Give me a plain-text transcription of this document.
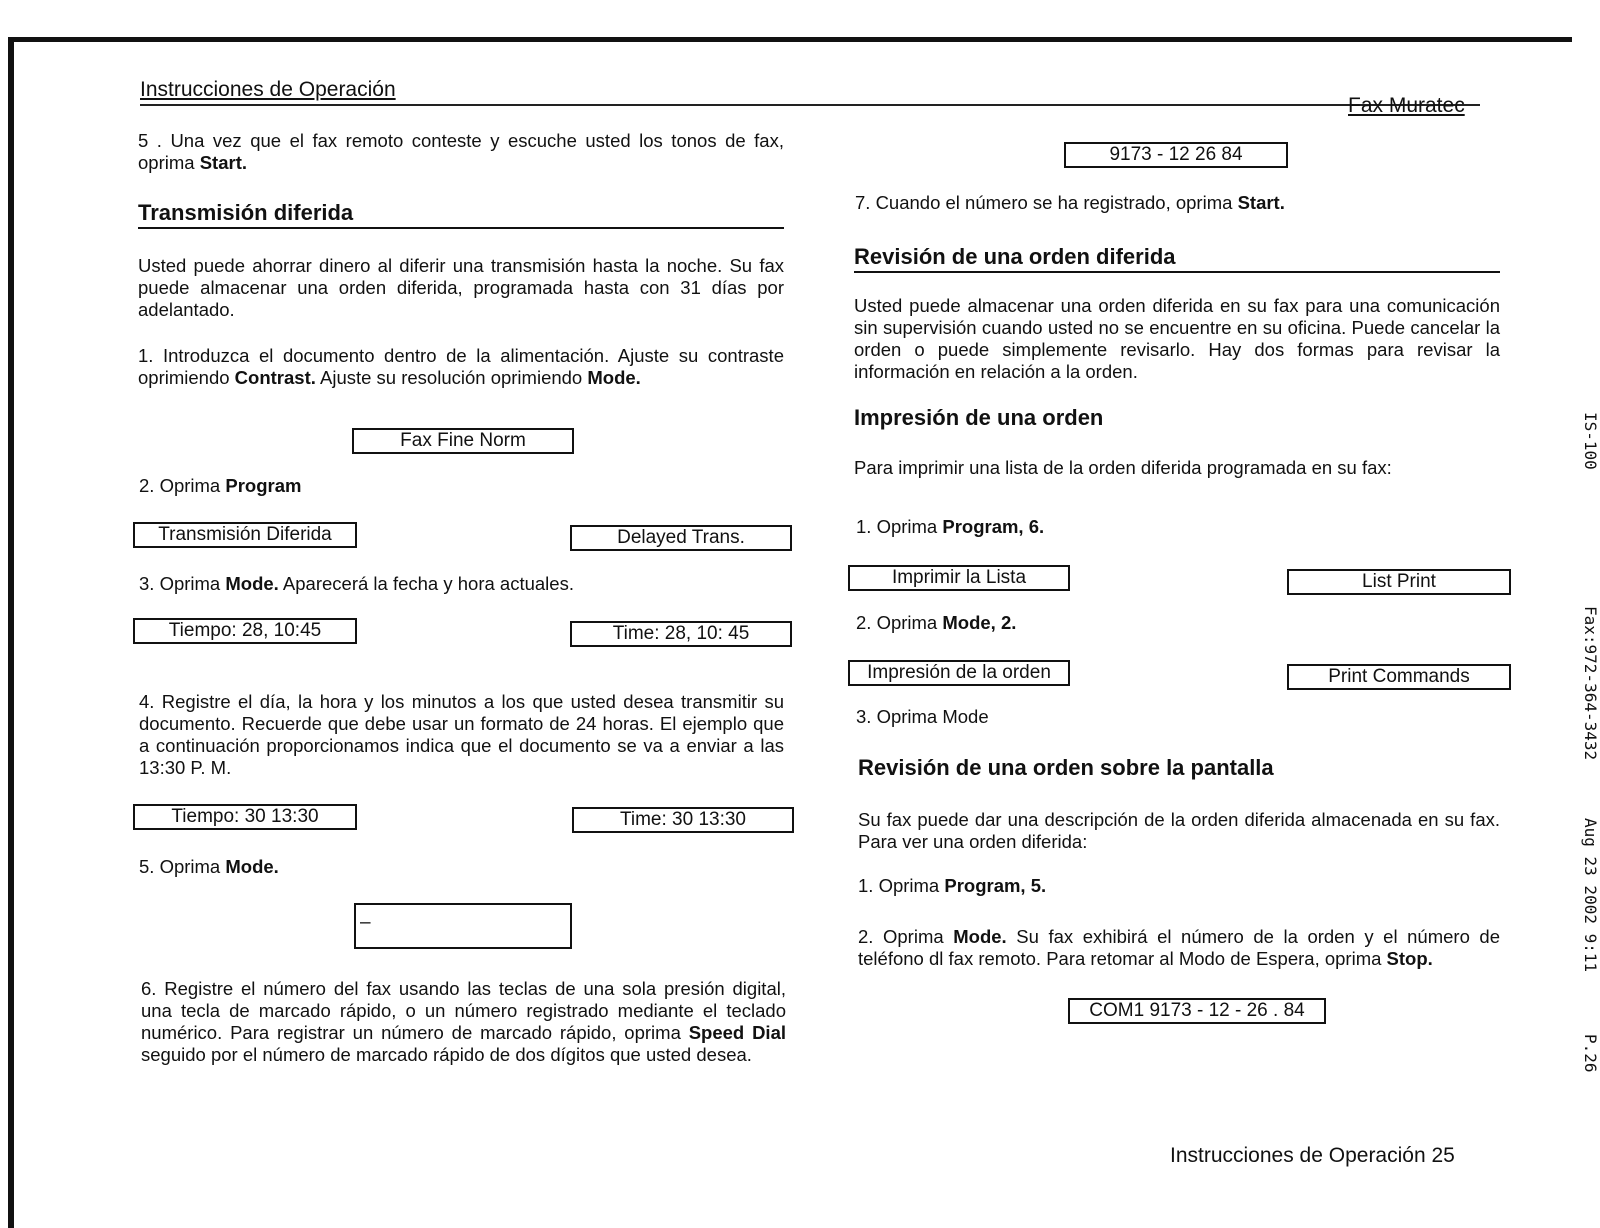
Instrucciones de Operación
Fax Muratec

5 . Una vez que el fax remoto conteste y escuche usted los tonos de fax, oprima Start.

Transmisión diferida

Usted puede ahorrar dinero al diferir una transmisión hasta la noche. Su fax puede almacenar una orden diferida, programada hasta con 31 días por adelantado.

1. Introduzca el documento dentro de la alimentación. Ajuste su contraste oprimiendo Contrast. Ajuste su resolución oprimiendo Mode.

Fax Fine Norm

2. Oprima Program

Transmisión Diferida	Delayed Trans.

3. Oprima Mode. Aparecerá la fecha y hora actuales.

Tiempo: 28, 10:45	Time: 28, 10: 45

4. Registre el día, la hora y los minutos a los que usted desea transmitir su documento. Recuerde que debe usar un formato de 24 horas. El ejemplo que a continuación proporcionamos indica que el documento se va a enviar a las 13:30 P. M.

Tiempo: 30 13:30	Time: 30 13:30

5. Oprima Mode.

–

6. Registre el número del fax usando las teclas de una sola presión digital, una tecla de marcado rápido, o un número registrado mediante el teclado numérico. Para registrar un número de marcado rápido, oprima Speed Dial seguido por el número de marcado rápido de dos dígitos que usted desea.

9173 - 12 26 84

7. Cuando el número se ha registrado, oprima Start.

Revisión de una orden diferida

Usted puede almacenar una orden diferida en su fax para una comunicación sin supervisión cuando usted no se encuentre en su oficina. Puede cancelar la orden o puede simplemente revisarlo. Hay dos formas para revisar la información en relación a la orden.

Impresión de una orden

Para imprimir una lista de la orden diferida programada en su fax:

1. Oprima Program, 6.

Imprimir la Lista	List Print

2. Oprima Mode, 2.

Impresión de la orden	Print Commands

3. Oprima Mode

Revisión de una orden sobre la pantalla

Su fax puede dar una descripción de la orden diferida almacenada en su fax. Para ver una orden diferida:

1. Oprima Program, 5.

2. Oprima Mode. Su fax exhibirá el número de la orden y el número de teléfono dl fax remoto. Para retomar al Modo de Espera, oprima Stop.

COM1 9173 - 12 - 26 . 84
Instrucciones de Operación 25
IS-100
Fax:972-364-3432
Aug 23 2002 9:11
P.26
